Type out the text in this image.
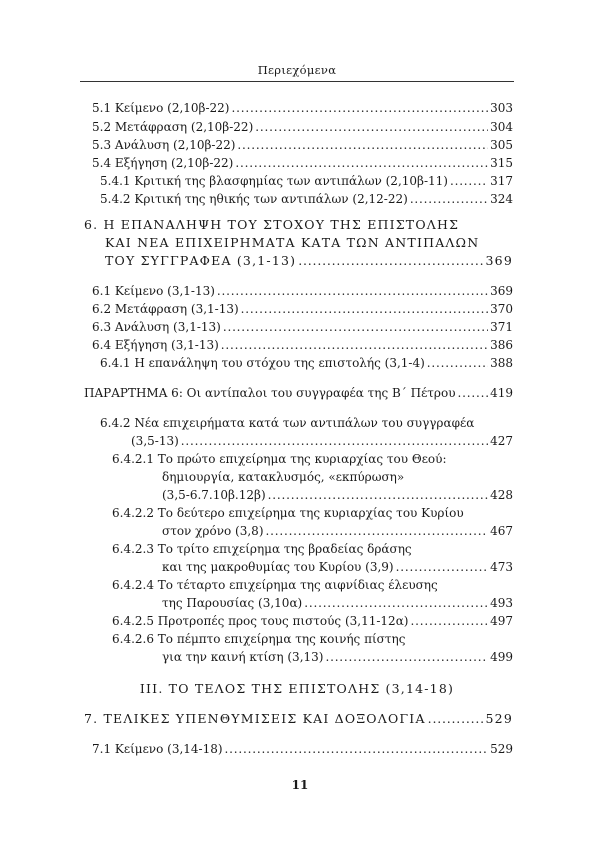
Περιεχόμενα
5.1 Κείμενο (2,10β-22) .....	303
5.2 Μετάφραση (2,10β-22) .....	304
5.3 Ανάλυση (2,10β-22) .....	305
5.4 Εξήγηση (2,10β-22) .....	315
5.4.1 Κριτική της βλασφημίας των αντιπάλων (2,10β-11) .....	317
5.4.2 Κριτική της ηθικής των αντιπάλων (2,12-22) .....	324
6. Η ΕΠΑΝΑΛΗΨΗ ΤΟΥ ΣΤΟΧΟΥ ΤΗΣ ΕΠΙΣΤΟΛΗΣ
ΚΑΙ ΝΕΑ ΕΠΙΧΕΙΡΗΜΑΤΑ ΚΑΤΑ ΤΩΝ ΑΝΤΙΠΑΛΩΝ
ΤΟΥ ΣΥΓΓΡΑΦΕΑ (3,1-13) .....	369
6.1 Κείμενο (3,1-13) .....	369
6.2 Μετάφραση (3,1-13) .....	370
6.3 Ανάλυση (3,1-13) .....	371
6.4 Εξήγηση (3,1-13) .....	386
6.4.1 Η επανάληψη του στόχου της επιστολής (3,1-4) .....	388
ΠΑΡΑΡΤΗΜΑ 6: Οι αντίπαλοι του συγγραφέα της Β΄ Πέτρου .....	419
6.4.2 Νέα επιχειρήματα κατά των αντιπάλων του συγγραφέα
(3,5-13) .....	427
6.4.2.1 Το πρώτο επιχείρημα της κυριαρχίας του Θεού:
δημιουργία, κατακλυσμός, «εκπύρωση»
(3,5-6.7.10β.12β) .....	428
6.4.2.2 Το δεύτερο επιχείρημα της κυριαρχίας του Κυρίου
στον χρόνο (3,8) .....	467
6.4.2.3 Το τρίτο επιχείρημα της βραδείας δράσης
και της μακροθυμίας του Κυρίου (3,9) .....	473
6.4.2.4 Το τέταρτο επιχείρημα της αιφνίδιας έλευσης
της Παρουσίας (3,10α) .....	493
6.4.2.5 Προτροπές προς τους πιστούς (3,11-12α) .....	497
6.4.2.6 Το πέμπτο επιχείρημα της κοινής πίστης
για την καινή κτίση (3,13) .....	499
ΙΙΙ. ΤΟ ΤΕΛΟΣ ΤΗΣ ΕΠΙΣΤΟΛΗΣ (3,14-18)
7. ΤΕΛΙΚΕΣ ΥΠΕΝΘΥΜΙΣΕΙΣ ΚΑΙ ΔΟΞΟΛΟΓΙΑ .....	529
7.1 Κείμενο (3,14-18) .....	529
11
